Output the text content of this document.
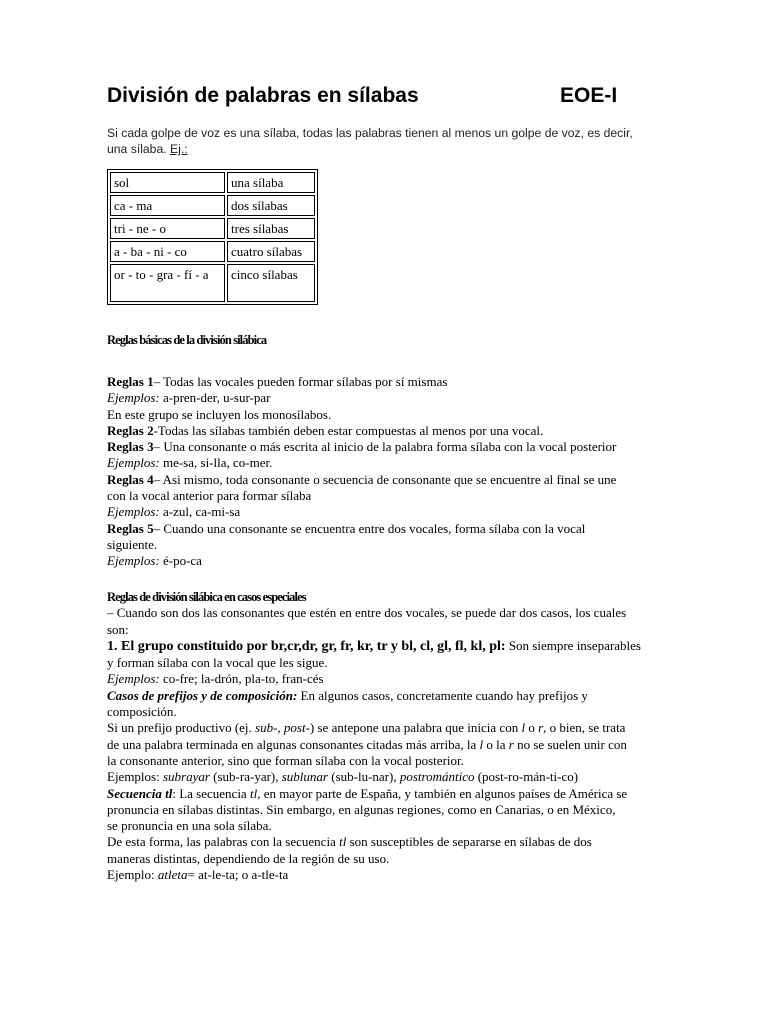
División de palabras en sílabas	EOE-I
Si cada golpe de voz es una sílaba, todas las palabras tienen al menos un golpe de voz, es decir,
una sílaba. Ej.:
sol	una sílaba
ca - ma	dos sílabas
tri - ne - o	tres sílabas
a - ba - ni - co	cuatro sílabas
or - to - gra - fí - a	cinco sílabas
Reglas básicas de la división silábica
Reglas 1– Todas las vocales pueden formar sílabas por sí mismas
Ejemplos: a-pren-der, u-sur-par
En este grupo se incluyen los monosílabos.
Reglas 2-Todas las sílabas también deben estar compuestas al menos por una vocal.
Reglas 3– Una consonante o más escrita al inicio de la palabra forma sílaba con la vocal posterior
Ejemplos: me-sa, si-lla, co-mer.
Reglas 4– Asi mismo, toda consonante o secuencia de consonante que se encuentre al final se une
con la vocal anterior para formar sílaba
Ejemplos: a-zul, ca-mi-sa
Reglas 5– Cuando una consonante se encuentra entre dos vocales, forma sílaba con la vocal
siguiente.
Ejemplos: é-po-ca
Reglas de división silábica en casos especiales
– Cuando son dos las consonantes que estén en entre dos vocales, se puede dar dos casos, los cuales
son:
1. El grupo constituido por br,cr,dr, gr, fr, kr, tr y bl, cl, gl, fl, kl, pl: Son siempre inseparables
y forman sílaba con la vocal que les sigue.
Ejemplos: co-fre; la-drón, pla-to, fran-cés
Casos de prefijos y de composición: En algunos casos, concretamente cuando hay prefijos y
composición.
Si un prefijo productivo (ej. sub-, post-) se antepone una palabra que inicia con l o r, o bien, se trata
de una palabra terminada en algunas consonantes citadas más arriba, la l o la r no se suelen unir con
la consonante anterior, sino que forman sílaba con la vocal posterior.
Ejemplos: subrayar (sub-ra-yar), sublunar (sub-lu-nar), postromántico (post-ro-mán-ti-co)
Secuencia tl: La secuencia tl, en mayor parte de España, y también en algunos países de América se
pronuncia en sílabas distintas. Sin embargo, en algunas regiones, como en Canarias, o en México,
se pronuncia en una sola sílaba.
De esta forma, las palabras con la secuencia tl son susceptibles de separarse en sílabas de dos
maneras distintas, dependiendo de la región de su uso.
Ejemplo: atleta= at-le-ta; o a-tle-ta
